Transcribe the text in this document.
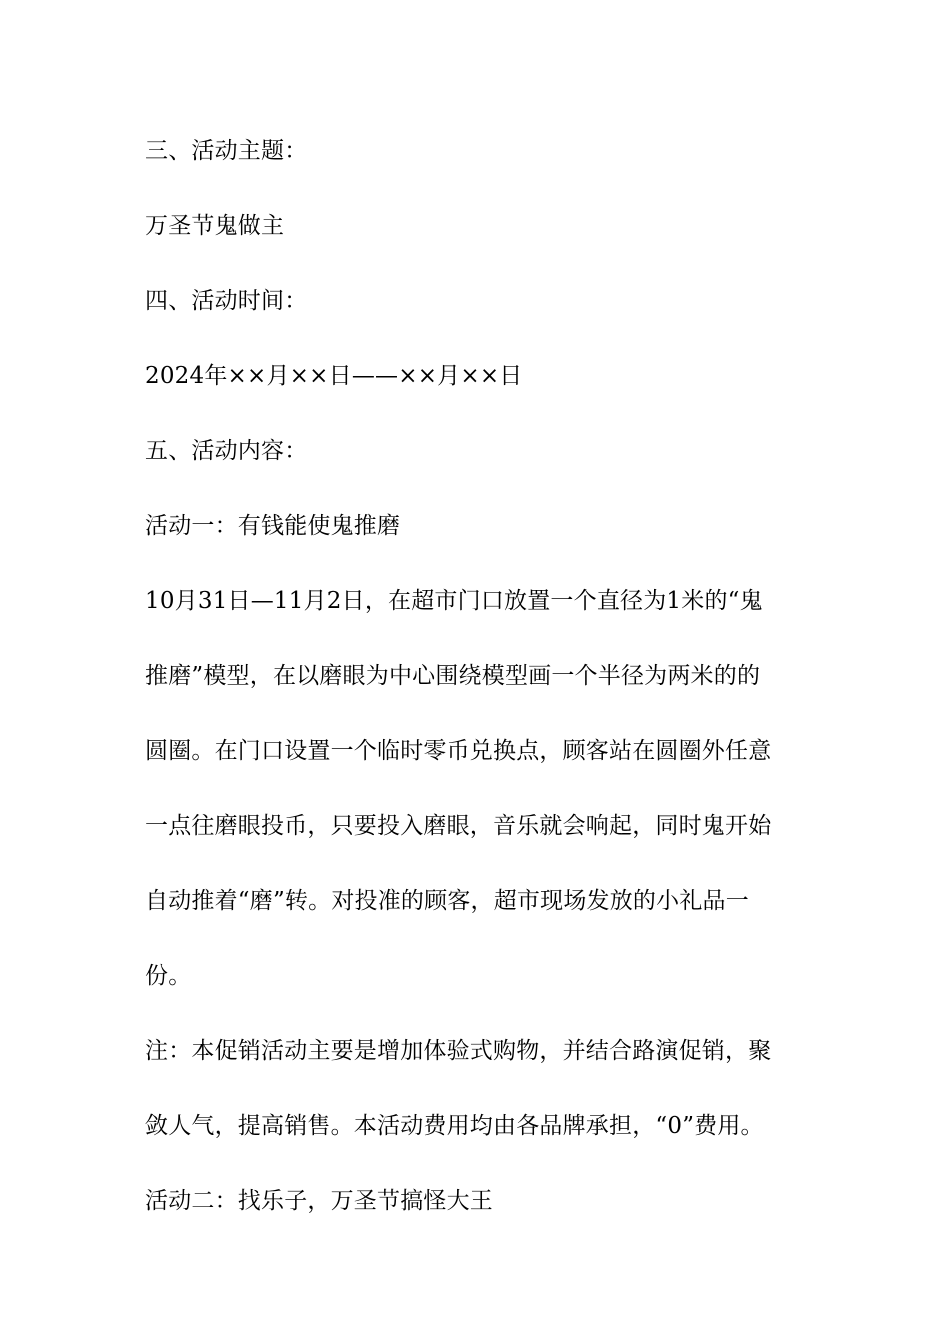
三、活动主题：
万圣节鬼做主
四、活动时间：
2024年××月××日——××月××日
五、活动内容：
活动一：有钱能使鬼推磨
10月31日—11月2日，在超市门口放置一个直径为1米的“鬼
推磨”模型，在以磨眼为中心围绕模型画一个半径为两米的的
圆圈。在门口设置一个临时零币兑换点，顾客站在圆圈外任意
一点往磨眼投币，只要投入磨眼，音乐就会响起，同时鬼开始
自动推着“磨”转。对投准的顾客，超市现场发放的小礼品一
份。
注：本促销活动主要是增加体验式购物，并结合路演促销，聚
敛人气，提高销售。本活动费用均由各品牌承担，“0”费用。
活动二：找乐子，万圣节搞怪大王
